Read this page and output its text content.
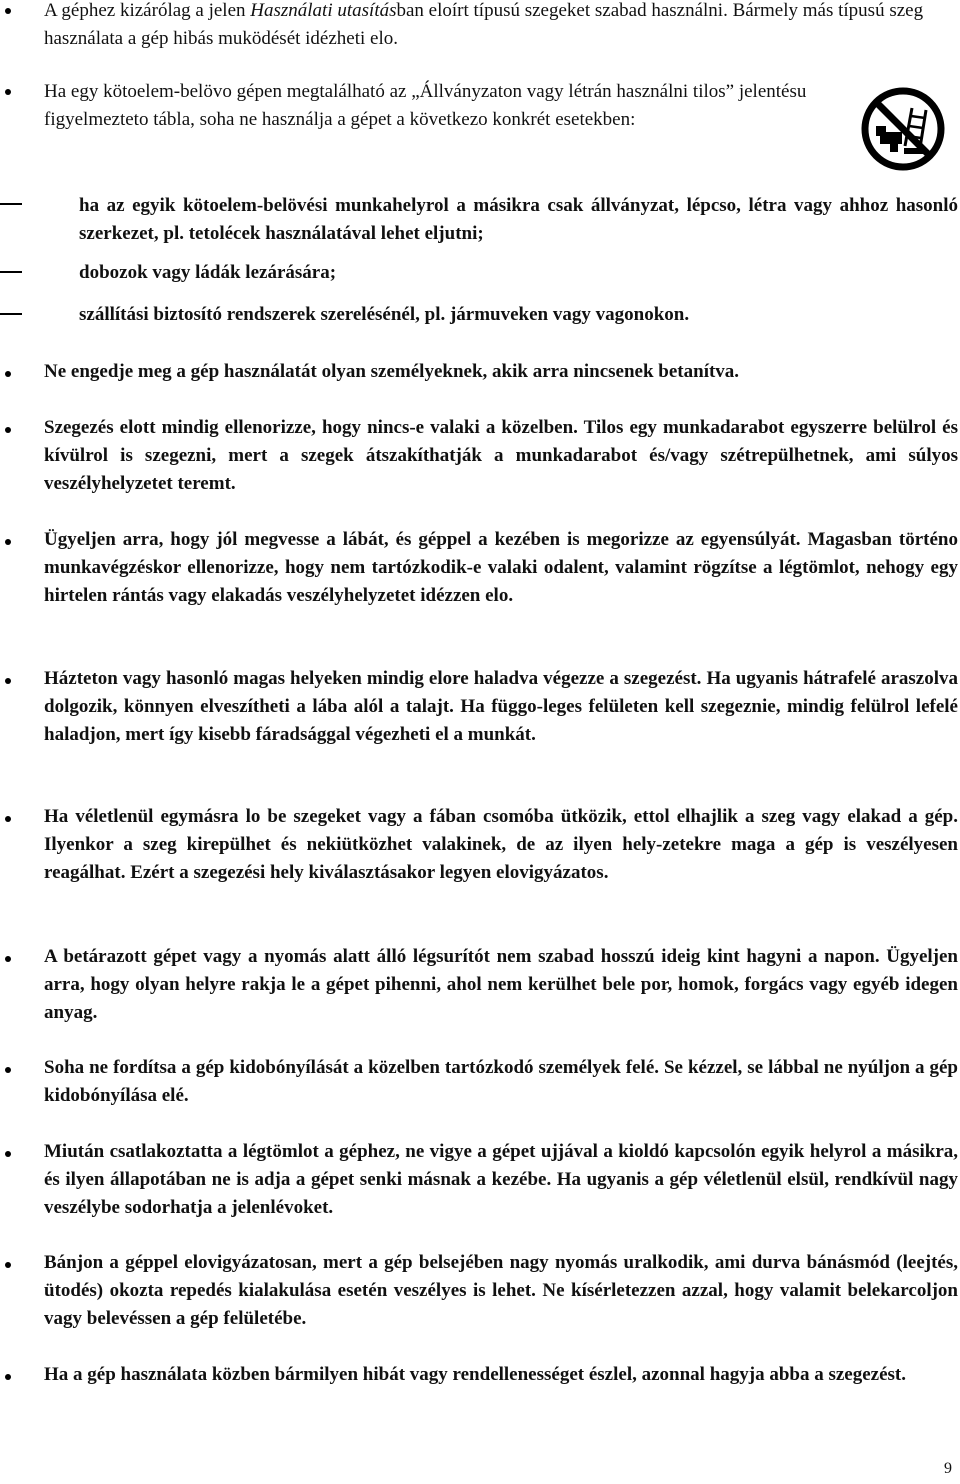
A géphez kizárólag a jelen Használati utasításban eloírt típusú szegeket szabad használni. Bármely más típusú szeg használata a gép hibás muködését idézheti elo.

Ha egy kötoelem-belövo gépen megtalálható az „Állványzaton vagy létrán használni tilos” jelentésu figyelmezteto tábla, soha ne használja a gépet a következo konkrét esetekben:

ha az egyik kötoelem-belövési munkahelyrol a másikra csak állványzat, lépcso, létra vagy ahhoz hasonló szerkezet, pl. tetolécek használatával lehet eljutni;

dobozok vagy ládák lezárására;

szállítási biztosító rendszerek szerelésénél, pl. jármuveken vagy vagonokon.

Ne engedje meg a gép használatát olyan személyeknek, akik arra nincsenek betanítva.

Szegezés elott mindig ellenorizze, hogy nincs-e valaki a közelben. Tilos egy munkadarabot egyszerre belülrol és kívülrol is szegezni, mert a szegek átszakíthatják a munkadarabot és/vagy szétrepülhetnek, ami súlyos veszélyhelyzetet teremt.

Ügyeljen arra, hogy jól megvesse a lábát, és géppel a kezében is megorizze az egyensúlyát. Magasban történo munkavégzéskor ellenorizze, hogy nem tartózkodik-e valaki odalent, valamint rögzítse a légtömlot, nehogy egy hirtelen rántás vagy elakadás veszélyhelyzetet idézzen elo.

Házteton vagy hasonló magas helyeken mindig elore haladva végezze a szegezést. Ha ugyanis hátrafelé araszolva dolgozik, könnyen elveszítheti a lába alól a talajt. Ha függo-leges felületen kell szegeznie, mindig felülrol lefelé haladjon, mert így kisebb fáradsággal végezheti el a munkát.

Ha véletlenül egymásra lo be szegeket vagy a fában csomóba ütközik, ettol elhajlik a szeg vagy elakad a gép. Ilyenkor a szeg kirepülhet és nekiütközhet valakinek, de az ilyen hely-zetekre maga a gép is veszélyesen reagálhat. Ezért a szegezési hely kiválasztásakor legyen elovigyázatos.

A betárazott gépet vagy a nyomás alatt álló légsurítót nem szabad hosszú ideig kint hagyni a napon. Ügyeljen arra, hogy olyan helyre rakja le a gépet pihenni, ahol nem kerülhet bele por, homok, forgács vagy egyéb idegen anyag.

Soha ne fordítsa a gép kidobónyílását a közelben tartózkodó személyek felé. Se kézzel, se lábbal ne nyúljon a gép kidobónyílása elé.

Miután csatlakoztatta a légtömlot a géphez, ne vigye a gépet ujjával a kioldó kapcsolón egyik helyrol a másikra, és ilyen állapotában ne is adja a gépet senki másnak a kezébe. Ha ugyanis a gép véletlenül elsül, rendkívül nagy veszélybe sodorhatja a jelenlévoket.

Bánjon a géppel elovigyázatosan, mert a gép belsejében nagy nyomás uralkodik, ami durva bánásmód (leejtés, ütodés) okozta repedés kialakulása esetén veszélyes is lehet. Ne kísérletezzen azzal, hogy valamit belekarcoljon vagy belevéssen a gép felületébe.

Ha a gép használata közben bármilyen hibát vagy rendellenességet észlel, azonnal hagyja abba a szegezést.

9
